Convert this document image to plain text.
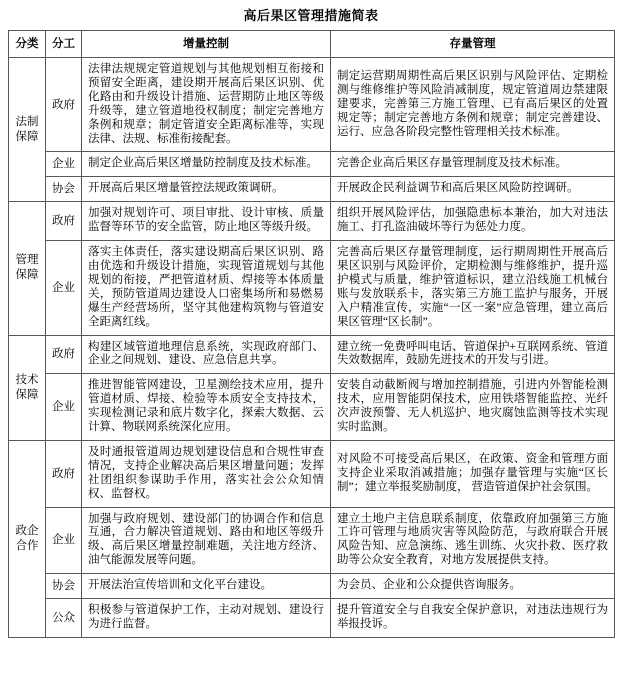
高后果区管理措施简表
分类	分工	增量控制	存量管理
法制保障	政府	法律法规规定管道规划与其他规划相互衔接和预留安全距离，建设期开展高后果区识别、优化路由和升级设计措施、运营期防止地区等级升级等，建立管道地役权制度；制定完善地方条例和规章；制定管道安全距离标准等，实现法律、法规、标准衔接配套。	制定运营期周期性高后果区识别与风险评估、定期检测与维修维护等风险消减制度，规定管道周边禁建限建要求，完善第三方施工管理、已有高后果区的处置规定等；制定完善地方条例和规章；制定完善建设、运行、应急各阶段完整性管理相关技术标准。
	企业	制定企业高后果区增量防控制度及技术标准。	完善企业高后果区存量管理制度及技术标准。
	协会	开展高后果区增量管控法规政策调研。	开展政企民利益调节和高后果区风险防控调研。
管理保障	政府	加强对规划许可、项目审批、设计审核、质量监督等环节的安全监管，防止地区等级升级。	组织开展风险评估，加强隐患标本兼治，加大对违法施工、打孔盗油破坏等行为惩处力度。
	企业	落实主体责任，落实建设期高后果区识别、路由优选和升级设计措施，实现管道规划与其他规划的衔接，严把管道材质、焊接等本体质量关，预防管道周边建设人口密集场所和易燃易爆生产经营场所，坚守其他建构筑物与管道安全距离红线。	完善高后果区存量管理制度，运行期周期性开展高后果区识别与风险评价，定期检测与维修维护，提升巡护模式与质量，维护管道标识，建立沿线施工机械台账与发放联系卡，落实第三方施工监护与服务，开展入户精准宣传，实施“一区一案”应急管理，建立高后果区管理“区长制”。
技术保障	政府	构建区域管道地理信息系统，实现政府部门、企业之间规划、建设、应急信息共享。	建立统一免费呼叫电话、管道保护+互联网系统、管道失效数据库，鼓励先进技术的开发与引进。
	企业	推进智能管网建设，卫星测绘技术应用，提升管道材质、焊接、检验等本质安全支持技术，实现检测记录和底片数字化，探索大数据、云计算、物联网系统深化应用。	安装自动截断阀与增加控制措施，引进内外智能检测技术，应用智能阴保技术，应用铁塔智能监控、光纤次声波预警、无人机巡护、地灾腐蚀监测等技术实现实时监测。
政企合作	政府	及时通报管道周边规划建设信息和合规性审查情况，支持企业解决高后果区增量问题；发挥社团组织参谋助手作用，落实社会公众知情权、监督权。	对风险不可接受高后果区，在政策、资金和管理方面支持企业采取消减措施；加强存量管理与实施“区长制”；建立举报奖励制度， 营造管道保护社会氛围。
	企业	加强与政府规划、建设部门的协调合作和信息互通，合力解决管道规划、路由和地区等级升级、高后果区增量控制难题，关注地方经济、油气能源发展等问题。	建立土地户主信息联系制度，依靠政府加强第三方施工许可管理与地质灾害等风险防范，与政府联合开展风险告知、应急演练、逃生训练、火灾扑救、医疗救助等公众安全教育，对地方发展提供支持。
	协会	开展法治宣传培训和文化平台建设。	为会员、企业和公众提供咨询服务。
	公众	积极参与管道保护工作，主动对规划、建设行为进行监督。	提升管道安全与自我安全保护意识，对违法违规行为举报投诉。
